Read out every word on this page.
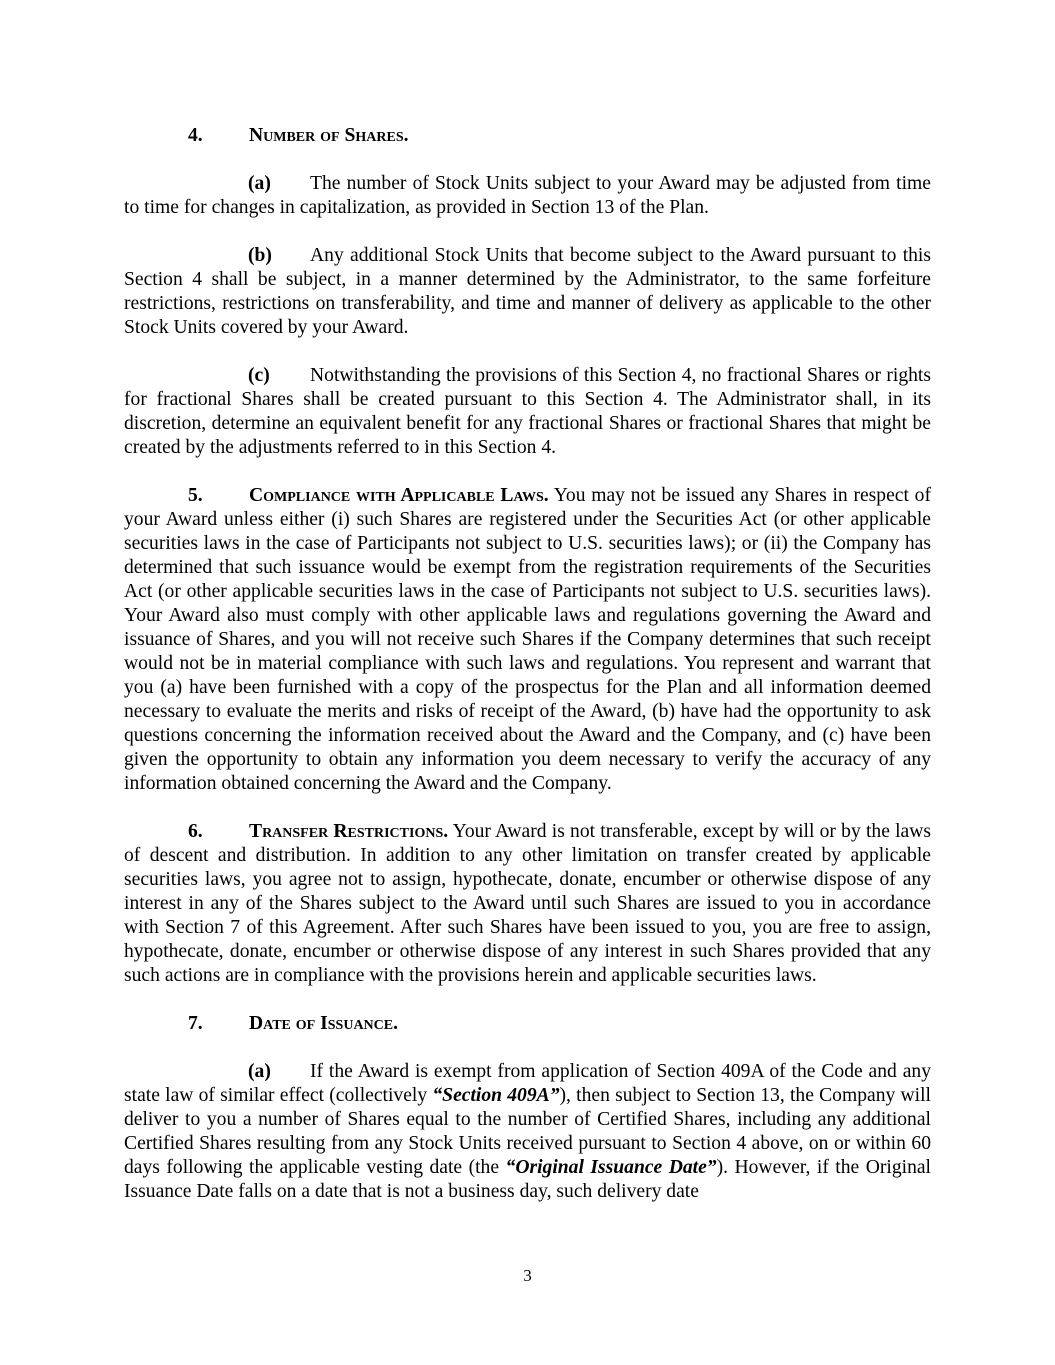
4. Number of Shares.

(a) The number of Stock Units subject to your Award may be adjusted from time to time for changes in capitalization, as provided in Section 13 of the Plan.

(b) Any additional Stock Units that become subject to the Award pursuant to this Section 4 shall be subject, in a manner determined by the Administrator, to the same forfeiture restrictions, restrictions on transferability, and time and manner of delivery as applicable to the other Stock Units covered by your Award.

(c) Notwithstanding the provisions of this Section 4, no fractional Shares or rights for fractional Shares shall be created pursuant to this Section 4. The Administrator shall, in its discretion, determine an equivalent benefit for any fractional Shares or fractional Shares that might be created by the adjustments referred to in this Section 4.

5. Compliance with Applicable Laws. You may not be issued any Shares in respect of your Award unless either (i) such Shares are registered under the Securities Act (or other applicable securities laws in the case of Participants not subject to U.S. securities laws); or (ii) the Company has determined that such issuance would be exempt from the registration requirements of the Securities Act (or other applicable securities laws in the case of Participants not subject to U.S. securities laws). Your Award also must comply with other applicable laws and regulations governing the Award and issuance of Shares, and you will not receive such Shares if the Company determines that such receipt would not be in material compliance with such laws and regulations. You represent and warrant that you (a) have been furnished with a copy of the prospectus for the Plan and all information deemed necessary to evaluate the merits and risks of receipt of the Award, (b) have had the opportunity to ask questions concerning the information received about the Award and the Company, and (c) have been given the opportunity to obtain any information you deem necessary to verify the accuracy of any information obtained concerning the Award and the Company.

6. Transfer Restrictions. Your Award is not transferable, except by will or by the laws of descent and distribution. In addition to any other limitation on transfer created by applicable securities laws, you agree not to assign, hypothecate, donate, encumber or otherwise dispose of any interest in any of the Shares subject to the Award until such Shares are issued to you in accordance with Section 7 of this Agreement. After such Shares have been issued to you, you are free to assign, hypothecate, donate, encumber or otherwise dispose of any interest in such Shares provided that any such actions are in compliance with the provisions herein and applicable securities laws.

7. Date of Issuance.

(a) If the Award is exempt from application of Section 409A of the Code and any state law of similar effect (collectively “Section 409A”), then subject to Section 13, the Company will deliver to you a number of Shares equal to the number of Certified Shares, including any additional Certified Shares resulting from any Stock Units received pursuant to Section 4 above, on or within 60 days following the applicable vesting date (the “Original Issuance Date”). However, if the Original Issuance Date falls on a date that is not a business day, such delivery date

3
